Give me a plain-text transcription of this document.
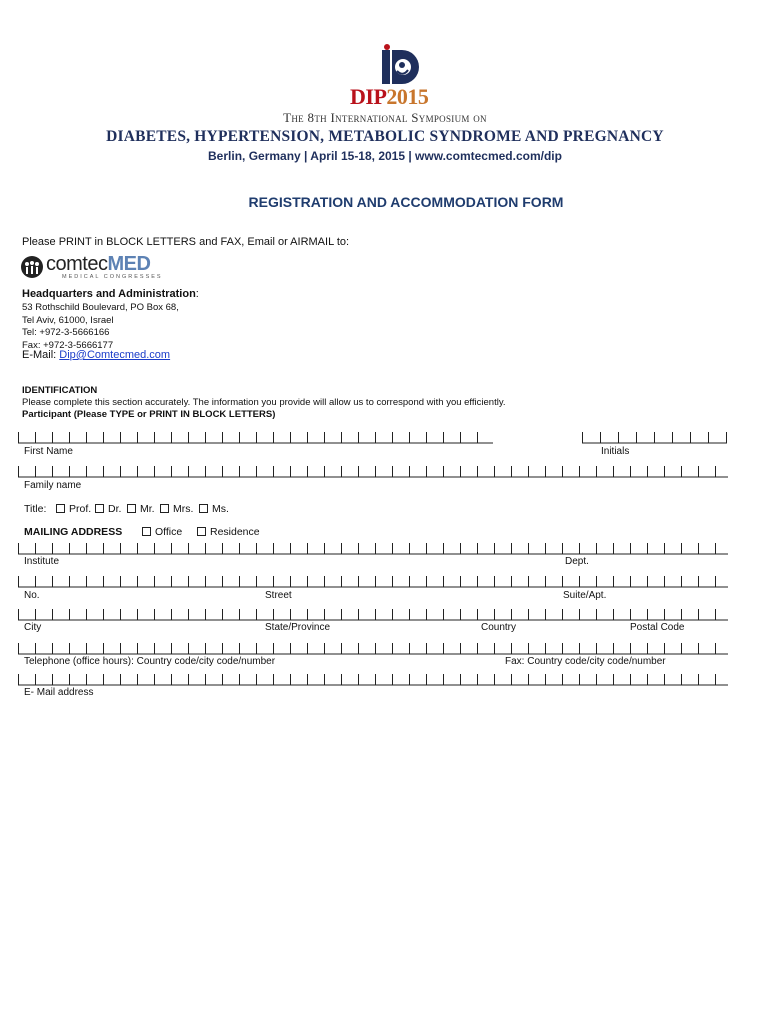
DIP2015
The 8th International Symposium on
DIABETES, HYPERTENSION, METABOLIC SYNDROME AND PREGNANCY
Berlin, Germany | April 15-18, 2015 | www.comtecmed.com/dip
REGISTRATION AND ACCOMMODATION FORM
Please PRINT in BLOCK LETTERS and FAX, Email or AIRMAIL to:
comtecMED
MEDICAL CONGRESSES
Headquarters and Administration:
53 Rothschild Boulevard, PO Box 68,
Tel Aviv, 61000, Israel
Tel: +972-3-5666166
Fax: +972-3-5666177
E-Mail: Dip@Comtecmed.com
IDENTIFICATION
Please complete this section accurately. The information you provide will allow us to correspond with you efficiently.
Participant (Please TYPE or PRINT IN BLOCK LETTERS)
First Name	Initials
Family name
Title:	Prof.	Dr.	Mr.	Mrs.	Ms.
MAILING ADDRESS	Office	Residence
Institute	Dept.
No.	Street	Suite/Apt.
City	State/Province	Country	Postal Code
Telephone (office hours): Country code/city code/number	Fax: Country code/city code/number
E- Mail address
